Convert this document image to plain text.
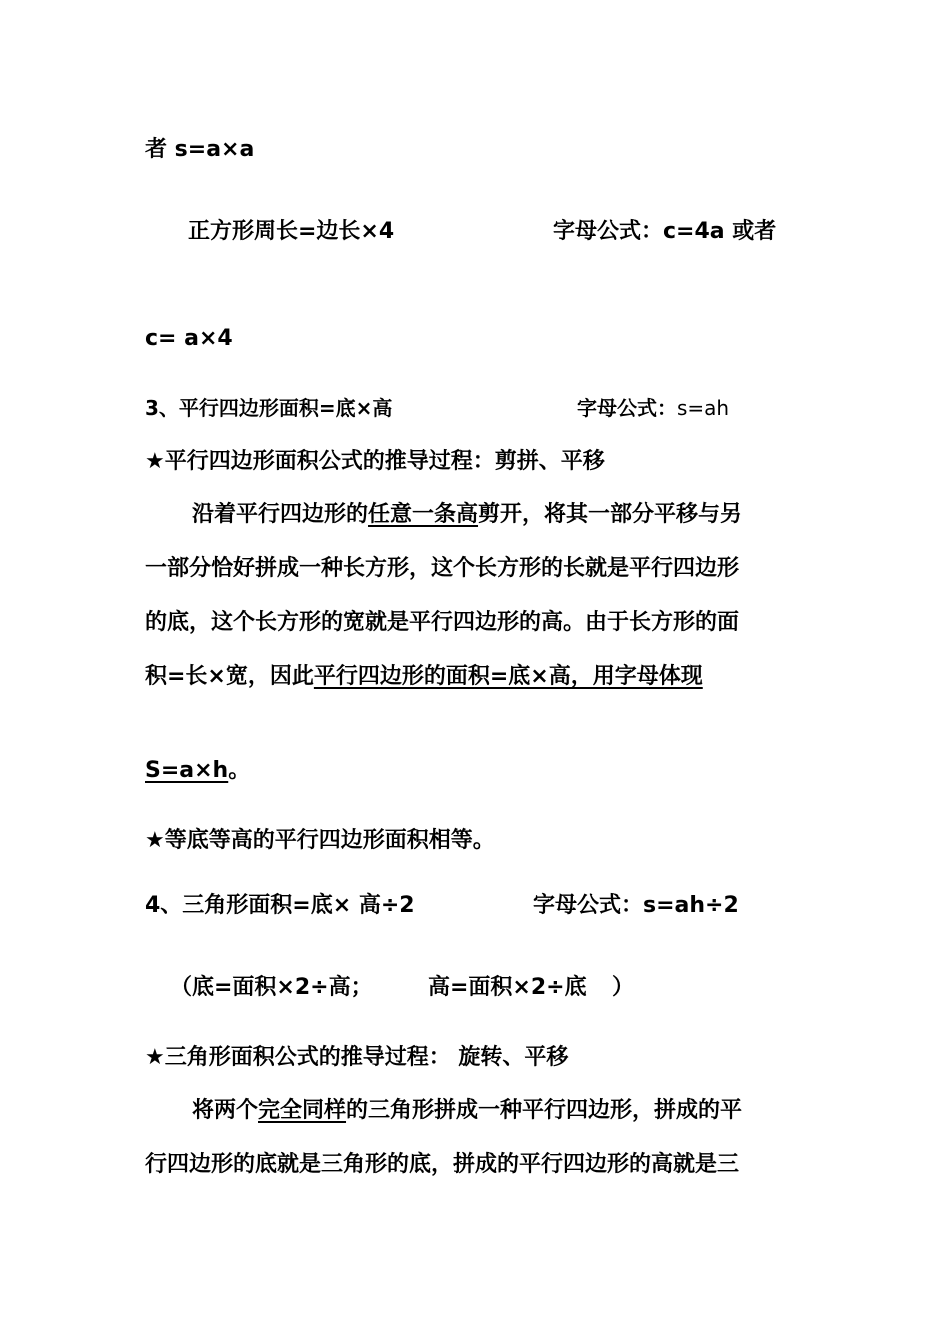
者 s=a×a
正方形周长=边长×4	字母公式：c=4a 或者
c= a×4
3、平行四边形面积=底×高	字母公式：s=ah
★平行四边形面积公式的推导过程：剪拼、平移
沿着平行四边形的任意一条高剪开，将其一部分平移与另
一部分恰好拼成一种长方形，这个长方形的长就是平行四边形
的底，这个长方形的宽就是平行四边形的高。由于长方形的面
积=长×宽，因此平行四边形的面积=底×高，用字母体现
S=a×h。
★等底等高的平行四边形面积相等。
4、三角形面积=底× 高÷2	字母公式：s=ah÷2
（底=面积×2÷高；	高=面积×2÷底 ）
★三角形面积公式的推导过程： 旋转、平移
将两个完全同样的三角形拼成一种平行四边形，拼成的平
行四边形的底就是三角形的底，拼成的平行四边形的高就是三
